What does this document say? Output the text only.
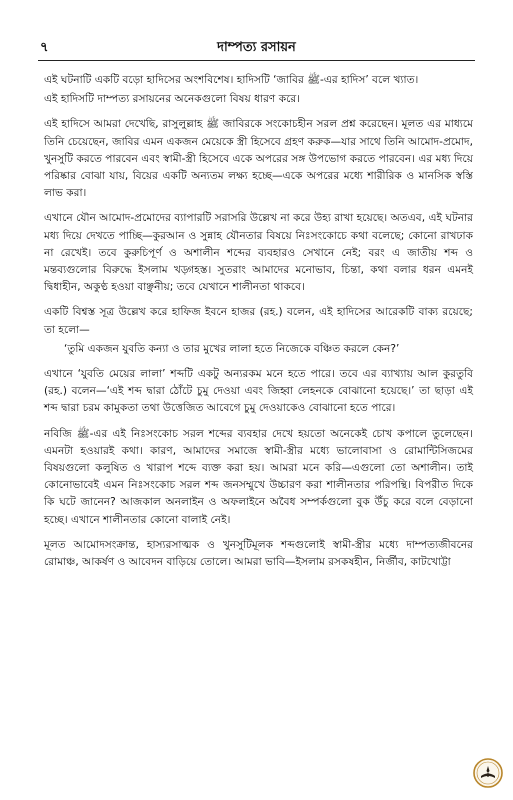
৭	দাম্পত্য রসায়ন

এই ঘটনাটি একটি বড়ো হাদিসের অংশবিশেষ। হাদিসটি ‘জাবির ﷺ-এর হাদিস’ বলে খ্যাত।

এই হাদিসটি দাম্পত্য রসায়নের অনেকগুলো বিষয় ধারণ করে।

এই হাদিসে আমরা দেখেছি, রাসুলুল্লাহ ﷺ জাবিরকে সংকোচহীন সরল প্রশ্ন করেছেন। মূলত এর মাধ্যমে তিনি চেয়েছেন, জাবির এমন একজন মেয়েকে স্ত্রী হিসেবে গ্রহণ করুক—যার সাথে তিনি আমোদ-প্রমোদ, খুনসুটি করতে পারবেন এবং স্বামী-স্ত্রী হিসেবে একে অপরের সঙ্গ উপভোগ করতে পারবেন। এর মধ্য দিয়ে পরিষ্কার বোঝা যায়, বিয়ের একটি অন্যতম লক্ষ্য হচ্ছে—একে অপরের মধ্যে শারীরিক ও মানসিক স্বস্তি লাভ করা।

এখানে যৌন আমোদ-প্রমোদের ব্যাপারটি সরাসরি উল্লেখ না করে উহ্য রাখা হয়েছে। অতএব, এই ঘটনার মধ্য দিয়ে দেখতে পাচ্ছি—কুরআন ও সুন্নাহ যৌনতার বিষয়ে নিঃসংকোচে কথা বলেছে; কোনো রাখঢাক না রেখেই। তবে কুরুচিপূর্ণ ও অশালীন শব্দের ব্যবহারও সেখানে নেই; বরং এ জাতীয় শব্দ ও মন্তব্যগুলোর বিরুদ্ধে ইসলাম খড়্গহস্ত। সুতরাং আমাদের মনোভাব, চিন্তা, কথা বলার ধরন এমনই দ্বিধাহীন, অকুণ্ঠ হওয়া বাঞ্ছনীয়; তবে যেখানে শালীনতা থাকবে।

একটি বিশ্বস্ত সূত্র উল্লেখ করে হাফিজ ইবনে হাজর (রহ.) বলেন, এই হাদিসের আরেকটি বাক্য রয়েছে; তা হলো—

‘তুমি একজন যুবতি কন্যা ও তার মুখের লালা হতে নিজেকে বঞ্চিত করলে কেন?’

এখানে ‘যুবতি মেয়ের লালা’ শব্দটি একটু অন্যরকম মনে হতে পারে। তবে এর ব্যাখ্যায় আল কুরতুবি (রহ.) বলেন—‘এই শব্দ দ্বারা ঠোঁটে চুমু দেওয়া এবং জিহ্বা লেহনকে বোঝানো হয়েছে।’ তা ছাড়া এই শব্দ দ্বারা চরম কামুকতা তথা উত্তেজিত আবেগে চুমু দেওয়াকেও বোঝানো হতে পারে।

নবিজি ﷺ-এর এই নিঃসংকোচ সরল শব্দের ব্যবহার দেখে হয়তো অনেকেই চোখ কপালে তুলেছেন। এমনটা হওয়ারই কথা। কারণ, আমাদের সমাজে স্বামী-স্ত্রীর মধ্যে ভালোবাসা ও রোমান্টিসিজমের বিষয়গুলো কলুষিত ও খারাপ শব্দে ব্যক্ত করা হয়। আমরা মনে করি—এগুলো তো অশালীন। তাই কোনোভাবেই এমন নিঃসংকোচ সরল শব্দ জনসম্মুখে উচ্চারণ করা শালীনতার পরিপন্থি। বিপরীত দিকে কি ঘটে জানেন? আজকাল অনলাইন ও অফলাইনে অবৈধ সম্পর্কগুলো বুক উঁচু করে বলে বেড়ানো হচ্ছে। এখানে শালীনতার কোনো বালাই নেই।

মূলত আমোদসংক্রান্ত, হাস্যরসাত্মক ও খুনসুটিমূলক শব্দগুলোই স্বামী-স্ত্রীর মধ্যে দাম্পত্যজীবনের রোমাঞ্চ, আকর্ষণ ও আবেদন বাড়িয়ে তোলে। আমরা ভাবি—ইসলাম রসকষহীন, নির্জীব, কাটখোট্টা
